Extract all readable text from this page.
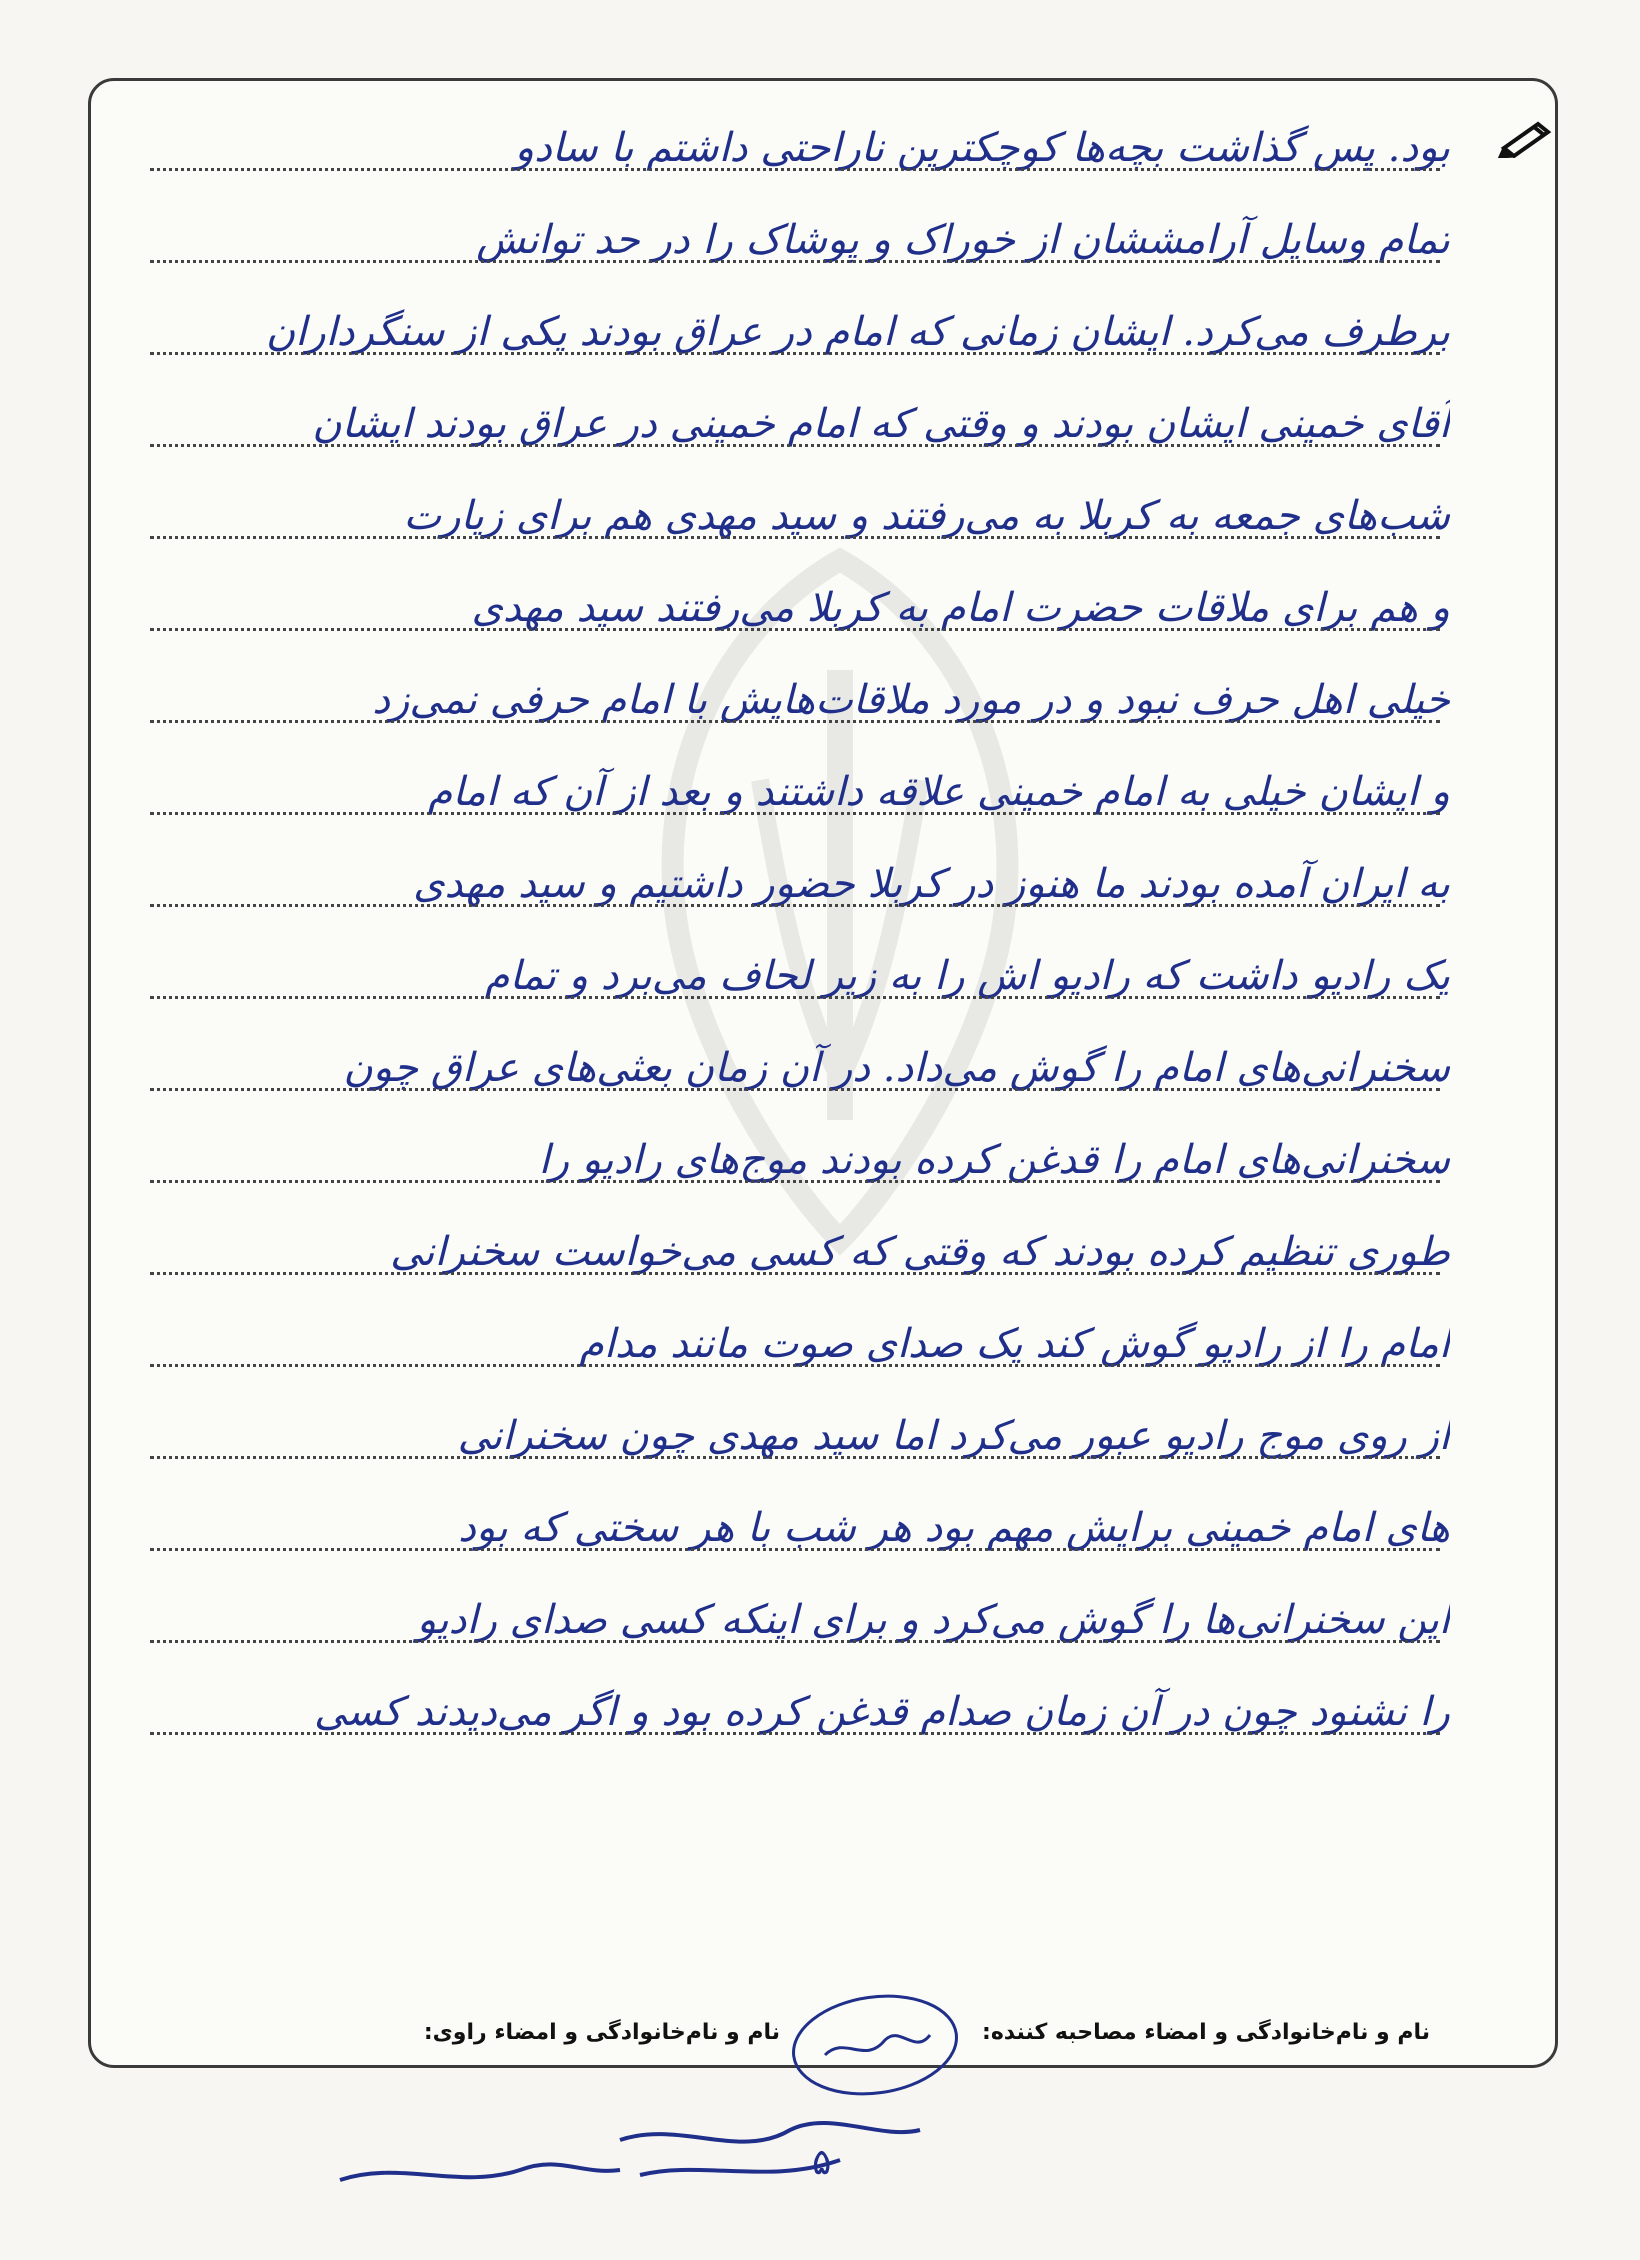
بود. پس گذاشت بچه‌ها کوچکترین ناراحتی داشتم با سادو
تمام وسایل آرامششان از خوراک و پوشاک را در حد توانش
برطرف می‌کرد. ایشان زمانی که امام در عراق بودند یکی از سنگرداران
آقای خمینی ایشان بودند و وقتی که امام خمینی در عراق بودند ایشان
شب‌های جمعه به کربلا به می‌رفتند و سید مهدی هم برای زیارت
و هم برای ملاقات حضرت امام به کربلا می‌رفتند سید مهدی
خیلی اهل حرف نبود و در مورد ملاقات‌هایش با امام حرفی نمی‌زد
و ایشان خیلی به امام خمینی علاقه داشتند و بعد از آن که امام
به ایران آمده بودند ما هنوز در کربلا حضور داشتیم و سید مهدی
یک رادیو داشت که رادیو اش را به زیر لحاف می‌برد و تمام
سخنرانی‌های امام را گوش می‌داد. در آن زمان بعثی‌های عراق چون
سخنرانی‌های امام را قدغن کرده بودند موج‌های رادیو را
طوری تنظیم کرده بودند که وقتی که کسی می‌خواست سخنرانی
امام را از رادیو گوش کند یک صدای صوت مانند مدام
از روی موج رادیو عبور می‌کرد اما سید مهدی چون سخنرانی
های امام خمینی برایش مهم بود هر شب با هر سختی که بود
این سخنرانی‌ها را گوش می‌کرد و برای اینکه کسی صدای رادیو
را نشنود چون در آن زمان صدام قدغن کرده بود و اگر می‌دیدند کسی
نام و نام‌خانوادگی و امضاء مصاحبه کننده:
نام و نام‌خانوادگی و امضاء راوی:
۵
